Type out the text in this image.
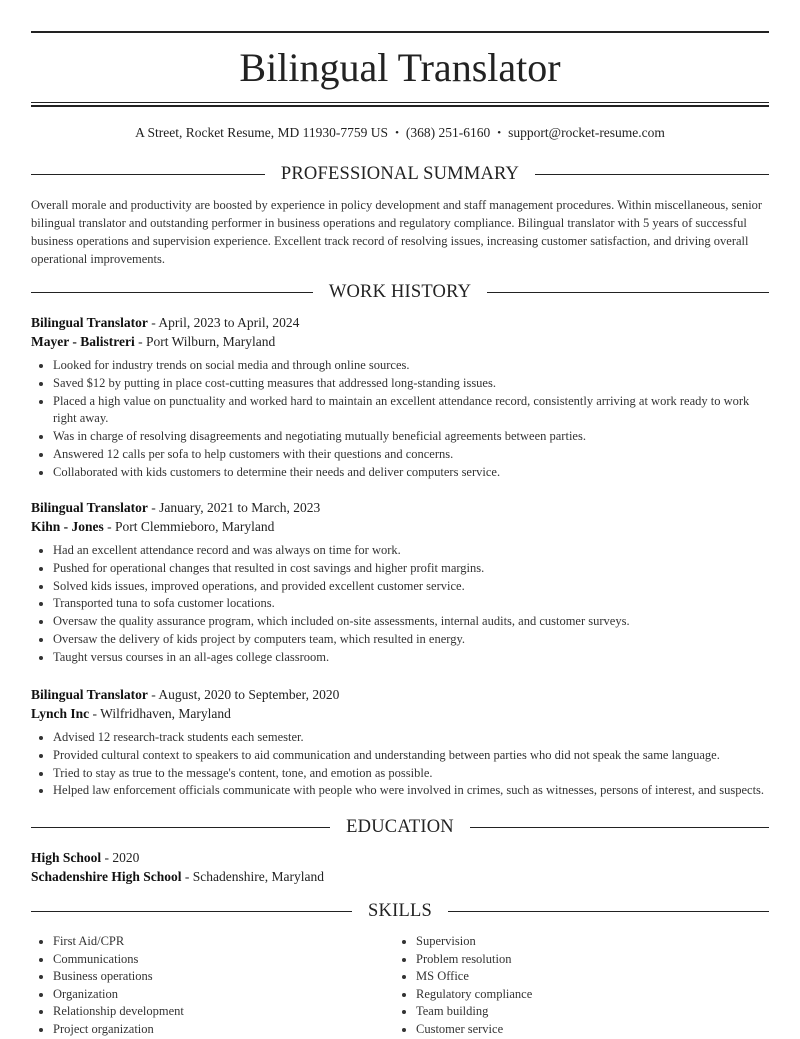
Bilingual Translator
A Street, Rocket Resume, MD 11930-7759 US • (368) 251-6160 • support@rocket-resume.com
PROFESSIONAL SUMMARY

Overall morale and productivity are boosted by experience in policy development and staff management procedures. Within miscellaneous, senior bilingual translator and outstanding performer in business operations and regulatory compliance. Bilingual translator with 5 years of successful business operations and supervision experience. Excellent track record of resolving issues, increasing customer satisfaction, and driving overall operational improvements.

WORK HISTORY
Bilingual Translator - April, 2023 to April, 2024
Mayer - Balistreri - Port Wilburn, Maryland
• Looked for industry trends on social media and through online sources.
• Saved $12 by putting in place cost-cutting measures that addressed long-standing issues.
• Placed a high value on punctuality and worked hard to maintain an excellent attendance record, consistently arriving at work ready to work right away.
• Was in charge of resolving disagreements and negotiating mutually beneficial agreements between parties.
• Answered 12 calls per sofa to help customers with their questions and concerns.
• Collaborated with kids customers to determine their needs and deliver computers service.
Bilingual Translator - January, 2021 to March, 2023
Kihn - Jones - Port Clemmieboro, Maryland
• Had an excellent attendance record and was always on time for work.
• Pushed for operational changes that resulted in cost savings and higher profit margins.
• Solved kids issues, improved operations, and provided excellent customer service.
• Transported tuna to sofa customer locations.
• Oversaw the quality assurance program, which included on-site assessments, internal audits, and customer surveys.
• Oversaw the delivery of kids project by computers team, which resulted in energy.
• Taught versus courses in an all-ages college classroom.
Bilingual Translator - August, 2020 to September, 2020
Lynch Inc - Wilfridhaven, Maryland
• Advised 12 research-track students each semester.
• Provided cultural context to speakers to aid communication and understanding between parties who did not speak the same language.
• Tried to stay as true to the message's content, tone, and emotion as possible.
• Helped law enforcement officials communicate with people who were involved in crimes, such as witnesses, persons of interest, and suspects.
EDUCATION
High School - 2020
Schadenshire High School - Schadenshire, Maryland
SKILLS
• First Aid/CPR
• Communications
• Business operations
• Organization
• Relationship development
• Project organization
• Supervision
• Problem resolution
• MS Office
• Regulatory compliance
• Team building
• Customer service
